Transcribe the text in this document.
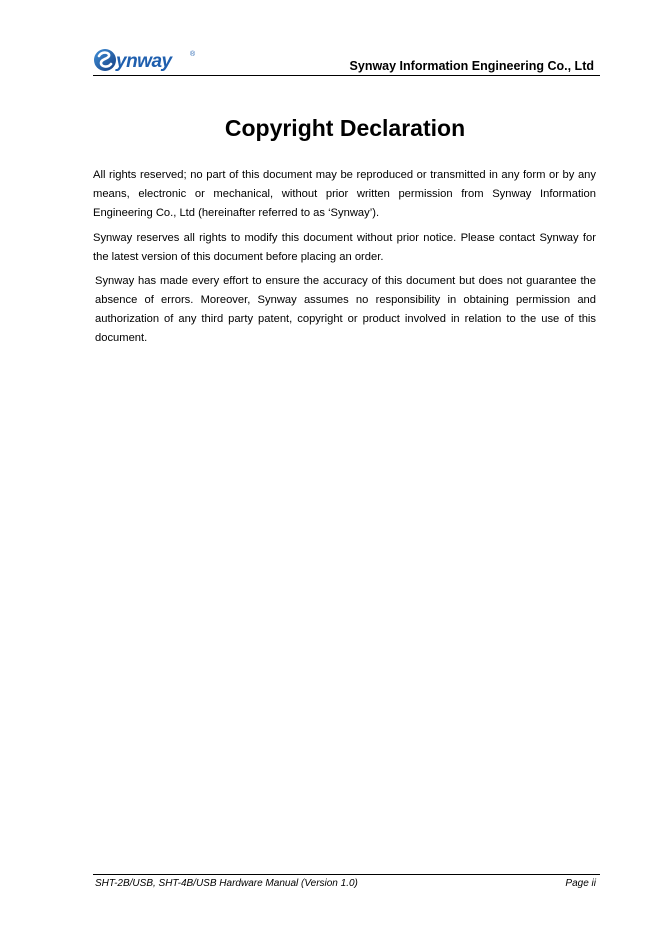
ynway	®
Synway Information Engineering Co., Ltd
Copyright Declaration

All rights reserved; no part of this document may be reproduced or transmitted in any form or by any means, electronic or mechanical, without prior written permission from Synway Information Engineering Co., Ltd (hereinafter referred to as ‘Synway’).

Synway reserves all rights to modify this document without prior notice. Please contact Synway for the latest version of this document before placing an order.

Synway has made every effort to ensure the accuracy of this document but does not guarantee the absence of errors. Moreover, Synway assumes no responsibility in obtaining permission and authorization of any third party patent, copyright or product involved in relation to the use of this document.

SHT-2B/USB, SHT-4B/USB Hardware Manual (Version 1.0)	Page ii
